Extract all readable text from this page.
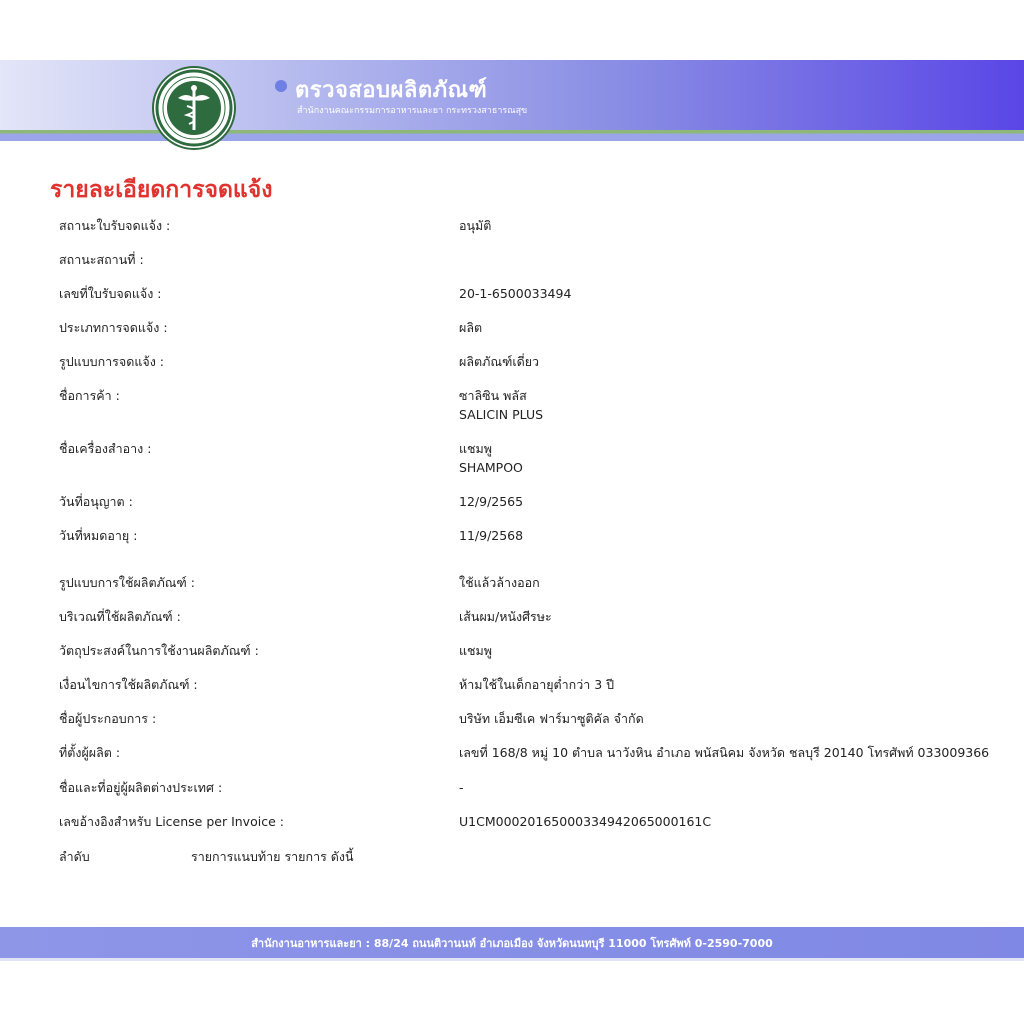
ตรวจสอบผลิตภัณฑ์
สำนักงานคณะกรรมการอาหารและยา กระทรวงสาธารณสุข
รายละเอียดการจดแจ้ง
สถานะใบรับจดแจ้ง :	อนุมัติ
สถานะสถานที่ :
เลขที่ใบรับจดแจ้ง :	20-1-6500033494
ประเภทการจดแจ้ง :	ผลิต
รูปแบบการจดแจ้ง :	ผลิตภัณฑ์เดี่ยว
ชื่อการค้า :	ซาลิซิน พลัส
SALICIN PLUS
ชื่อเครื่องสำอาง :	แชมพู
SHAMPOO
วันที่อนุญาต :	12/9/2565
วันที่หมดอายุ :	11/9/2568
รูปแบบการใช้ผลิตภัณฑ์ :	ใช้แล้วล้างออก
บริเวณที่ใช้ผลิตภัณฑ์ :	เส้นผม/หนังศีรษะ
วัตถุประสงค์ในการใช้งานผลิตภัณฑ์ :	แชมพู
เงื่อนไขการใช้ผลิตภัณฑ์ :	ห้ามใช้ในเด็กอายุต่ำกว่า 3 ปี
ชื่อผู้ประกอบการ :	บริษัท เอ็มซีเค ฟาร์มาซูติคัล จำกัด
ที่ตั้งผู้ผลิต :	เลขที่ 168/8 หมู่ 10 ตำบล นาวังหิน อำเภอ พนัสนิคม จังหวัด ชลบุรี 20140 โทรศัพท์ 033009366
ชื่อและที่อยู่ผู้ผลิตต่างประเทศ :	-
เลขอ้างอิงสำหรับ License per Invoice :	U1CM000201650003349420650001​61C
ลำดับ	รายการแนบท้าย รายการ ดังนี้
สำนักงานอาหารและยา : 88/24 ถนนติวานนท์ อำเภอเมือง จังหวัดนนทบุรี 11000 โทรศัพท์ 0-2590-7000
